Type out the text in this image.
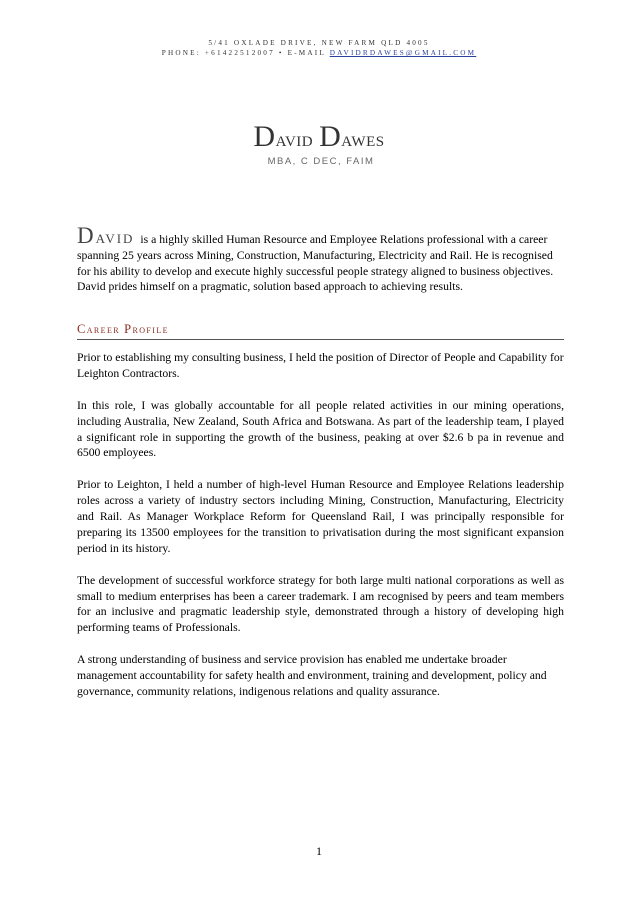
5/41 OXLADE DRIVE, NEW FARM QLD 4005
PHONE: +61422512007 • E-MAIL DAVIDRDAWES@GMAIL.COM
David Dawes
MBA, C DEC, FAIM
David is a highly skilled Human Resource and Employee Relations professional with a career spanning 25 years across Mining, Construction, Manufacturing, Electricity and Rail. He is recognised for his ability to develop and execute highly successful people strategy aligned to business objectives. David prides himself on a pragmatic, solution based approach to achieving results.
Career Profile

Prior to establishing my consulting business, I held the position of Director of People and Capability for Leighton Contractors.

In this role, I was globally accountable for all people related activities in our mining operations, including Australia, New Zealand, South Africa and Botswana. As part of the leadership team, I played a significant role in supporting the growth of the business, peaking at over $2.6 b pa in revenue and 6500 employees.

Prior to Leighton, I held a number of high-level Human Resource and Employee Relations leadership roles across a variety of industry sectors including Mining, Construction, Manufacturing, Electricity and Rail. As Manager Workplace Reform for Queensland Rail, I was principally responsible for preparing its 13500 employees for the transition to privatisation during the most significant expansion period in its history.

The development of successful workforce strategy for both large multi national corporations as well as small to medium enterprises has been a career trademark. I am recognised by peers and team members for an inclusive and pragmatic leadership style, demonstrated through a history of developing high performing teams of Professionals.

A strong understanding of business and service provision has enabled me undertake broader management accountability for safety health and environment, training and development, policy and governance, community relations, indigenous relations and quality assurance.

1
